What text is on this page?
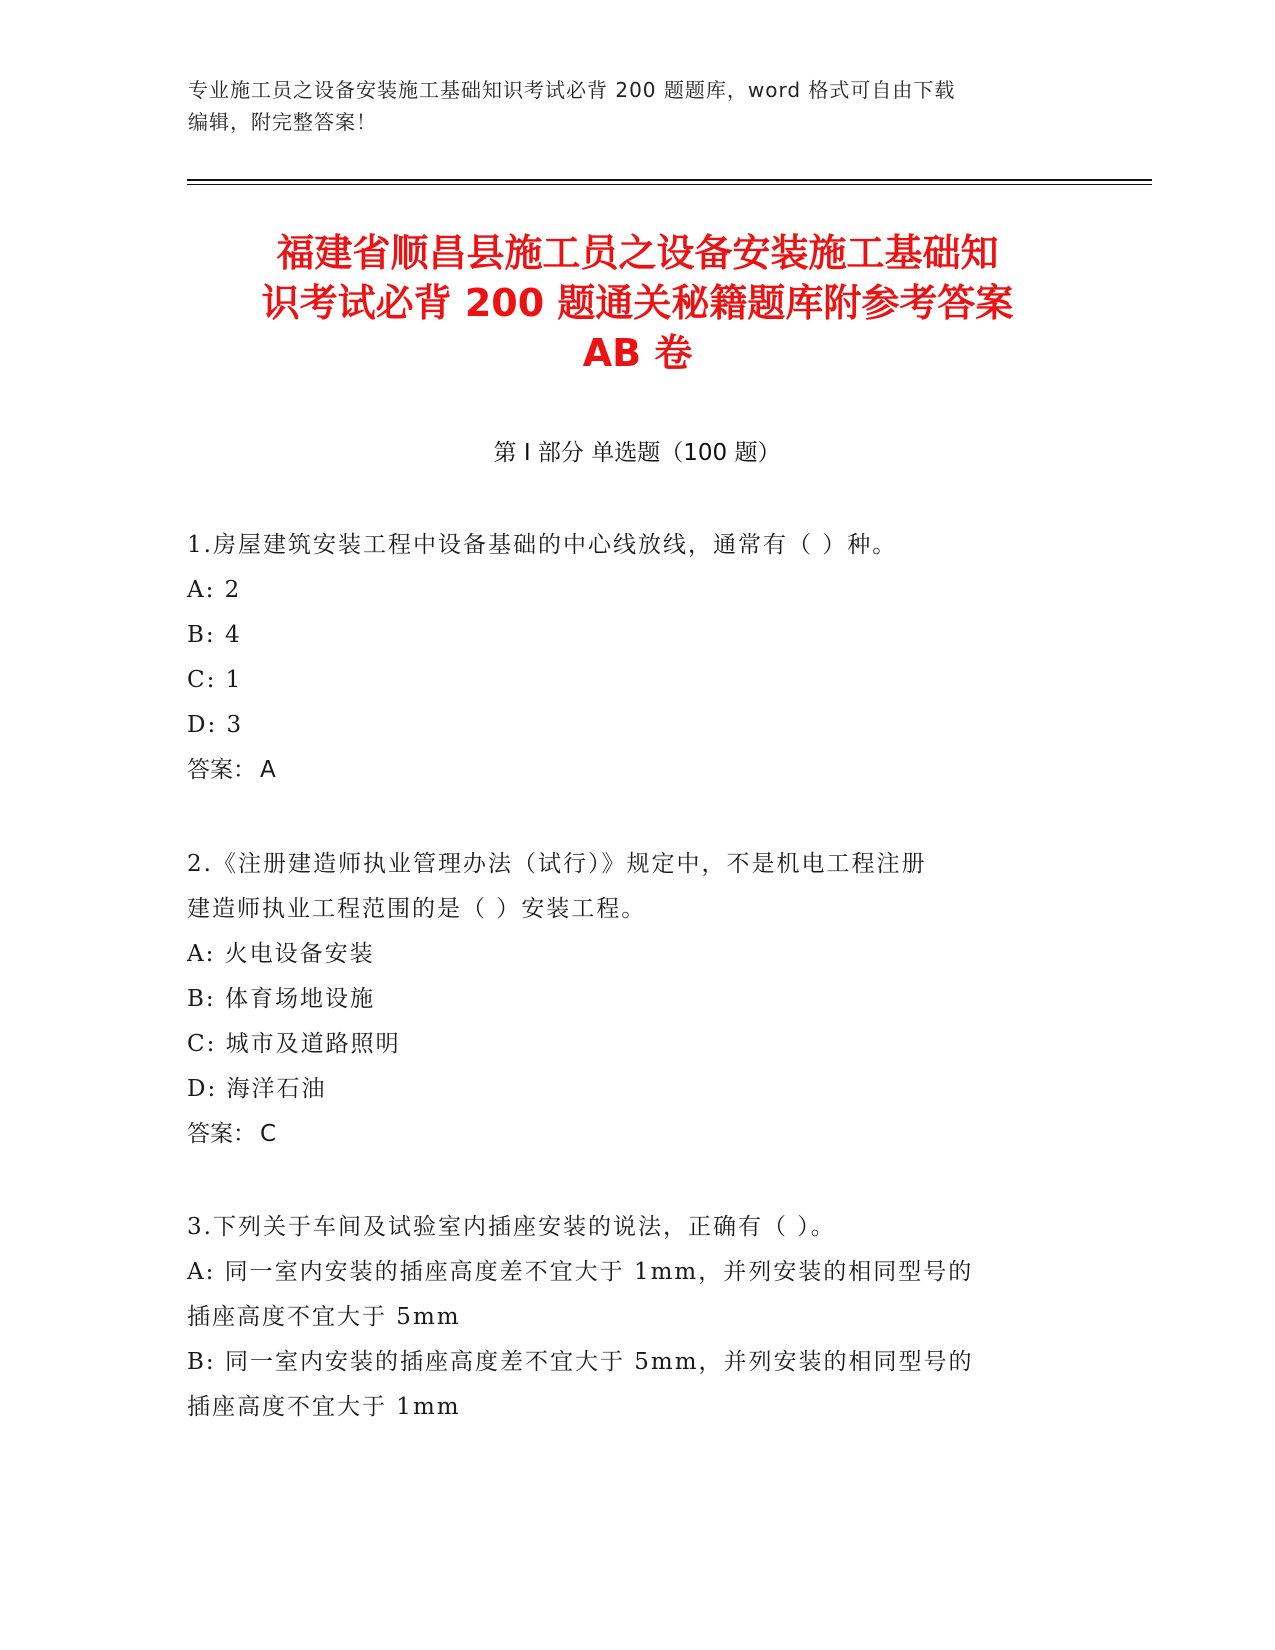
专业施工员之设备安装施工基础知识考试必背 200 题题库，word 格式可自由下载
编辑，附完整答案！
福建省顺昌县施工员之设备安装施工基础知
识考试必背 200 题通关秘籍题库附参考答案
AB 卷
第 I 部分 单选题（100 题）

1.房屋建筑安装工程中设备基础的中心线放线，通常有（ ）种。

A: 2

B: 4

C: 1

D: 3

答案： A

2.《注册建造师执业管理办法（试行）》规定中，不是机电工程注册

建造师执业工程范围的是（ ）安装工程。

A: 火电设备安装

B: 体育场地设施

C: 城市及道路照明

D: 海洋石油

答案： C

3.下列关于车间及试验室内插座安装的说法，正确有（ ）。

A: 同一室内安装的插座高度差不宜大于 1mm，并列安装的相同型号的

插座高度不宜大于 5mm

B: 同一室内安装的插座高度差不宜大于 5mm，并列安装的相同型号的

插座高度不宜大于 1mm
